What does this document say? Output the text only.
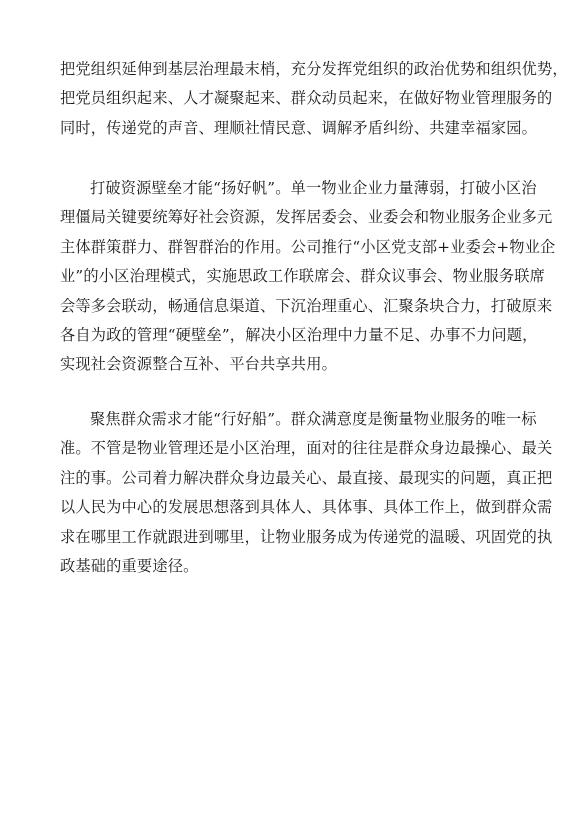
把党组织延伸到基层治理最末梢，充分发挥党组织的政治优势和组织优势，
把党员组织起来、人才凝聚起来、群众动员起来，在做好物业管理服务的
同时，传递党的声音、理顺社情民意、调解矛盾纠纷、共建幸福家园。
打破资源壁垒才能“扬好帆”。单一物业企业力量薄弱，打破小区治
理僵局关键要统筹好社会资源，发挥居委会、业委会和物业服务企业多元
主体群策群力、群智群治的作用。公司推行“小区党支部+业委会+物业企
业”的小区治理模式，实施思政工作联席会、群众议事会、物业服务联席
会等多会联动，畅通信息渠道、下沉治理重心、汇聚条块合力，打破原来
各自为政的管理“硬壁垒”，解决小区治理中力量不足、办事不力问题，
实现社会资源整合互补、平台共享共用。
聚焦群众需求才能“行好船”。群众满意度是衡量物业服务的唯一标
准。不管是物业管理还是小区治理，面对的往往是群众身边最操心、最关
注的事。公司着力解决群众身边最关心、最直接、最现实的问题，真正把
以人民为中心的发展思想落到具体人、具体事、具体工作上，做到群众需
求在哪里工作就跟进到哪里，让物业服务成为传递党的温暖、巩固党的执
政基础的重要途径。
